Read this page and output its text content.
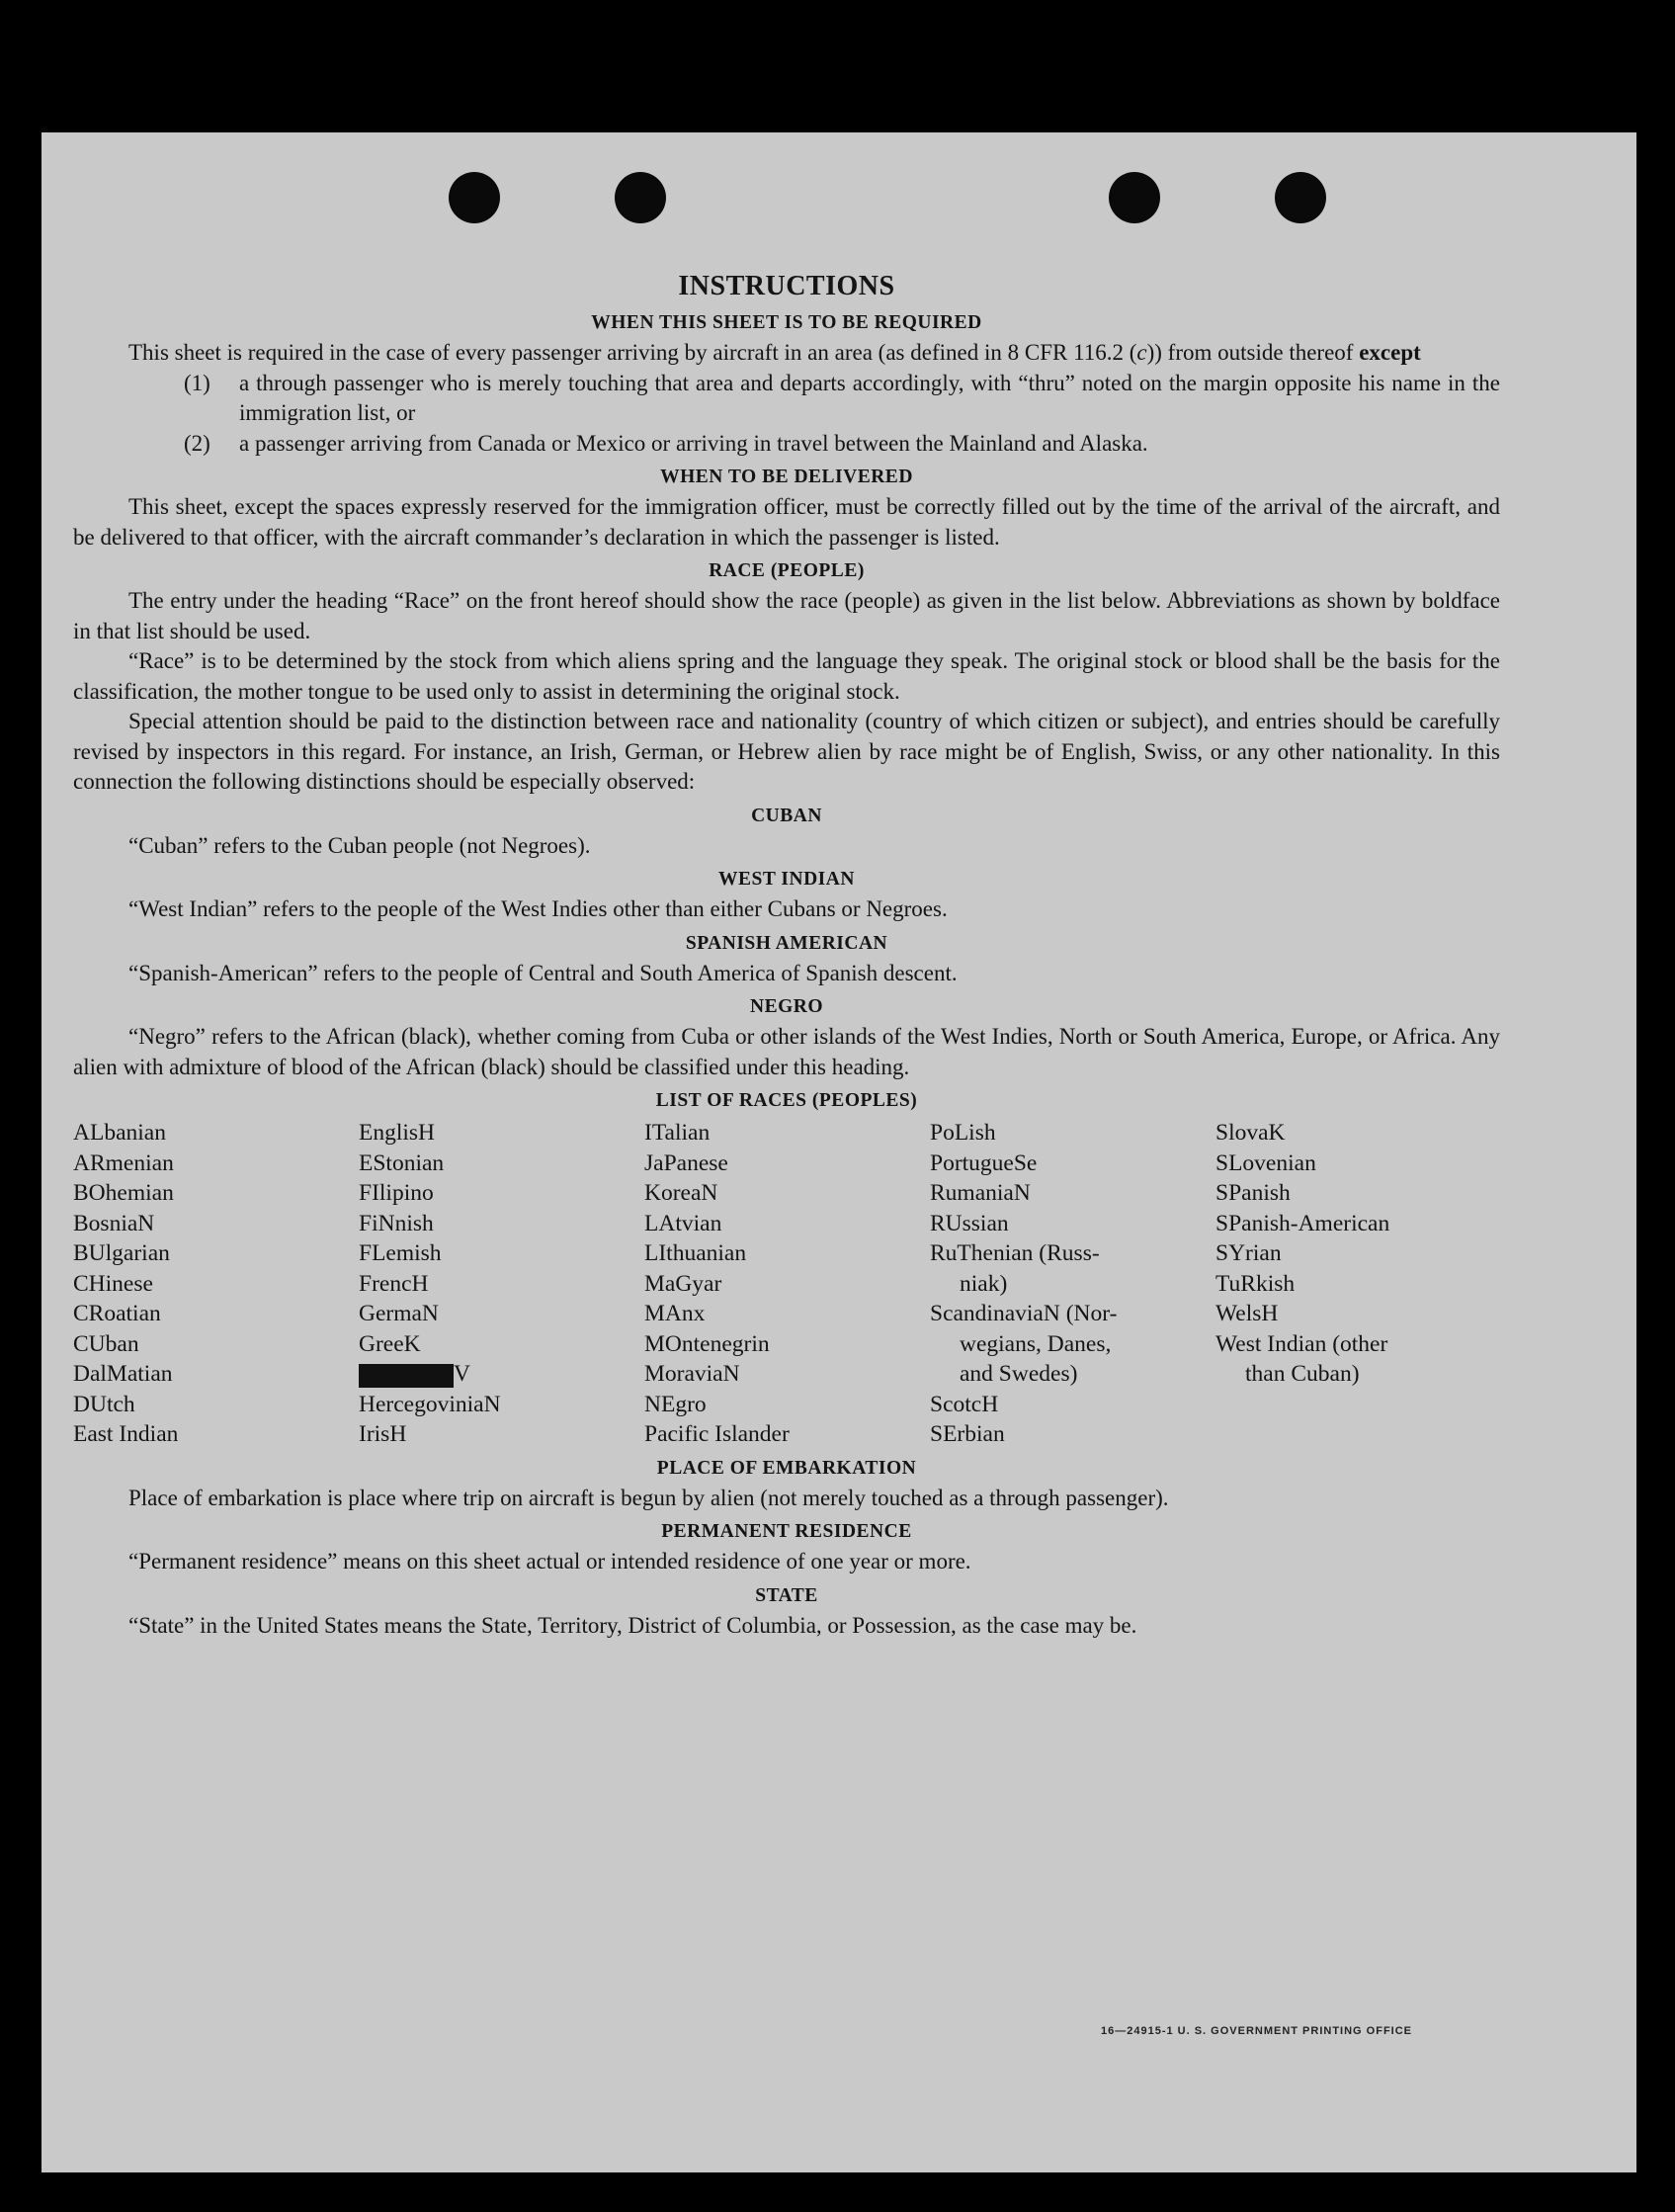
INSTRUCTIONS
WHEN THIS SHEET IS TO BE REQUIRED

This sheet is required in the case of every passenger arriving by aircraft in an area (as defined in 8 CFR 116.2 (c)) from outside thereof except

(1)	a through passenger who is merely touching that area and departs accordingly, with “thru” noted on the margin opposite his name in the immigration list, or
(2)	a passenger arriving from Canada or Mexico or arriving in travel between the Mainland and Alaska.
WHEN TO BE DELIVERED

This sheet, except the spaces expressly reserved for the immigration officer, must be correctly filled out by the time of the arrival of the aircraft, and be delivered to that officer, with the aircraft commander’s declaration in which the passenger is listed.

RACE (PEOPLE)

The entry under the heading “Race” on the front hereof should show the race (people) as given in the list below. Abbreviations as shown by boldface in that list should be used.

“Race” is to be determined by the stock from which aliens spring and the language they speak. The original stock or blood shall be the basis for the classification, the mother tongue to be used only to assist in determining the original stock.

Special attention should be paid to the distinction between race and nationality (country of which citizen or subject), and entries should be carefully revised by inspectors in this regard. For instance, an Irish, German, or Hebrew alien by race might be of English, Swiss, or any other nationality. In this connection the following distinctions should be especially observed:

CUBAN

“Cuban” refers to the Cuban people (not Negroes).

WEST INDIAN

“West Indian” refers to the people of the West Indies other than either Cubans or Negroes.

SPANISH AMERICAN

“Spanish-American” refers to the people of Central and South America of Spanish descent.

NEGRO

“Negro” refers to the African (black), whether coming from Cuba or other islands of the West Indies, North or South America, Europe, or Africa. Any alien with admixture of blood of the African (black) should be classified under this heading.

LIST OF RACES (PEOPLES)
ALbanian
ARmenian
BOhemian
BosniaN
BUlgarian
CHinese
CRoatian
CUban
DalMatian
DUtch
East Indian
EnglisH
EStonian
FIlipino
FiNnish
FLemish
FrencH
GermaN
GreeK
V
HercegoviniaN
IrisH
ITalian
JaPanese
KoreaN
LAtvian
LIthuanian
MaGyar
MAnx
MOntenegrin
MoraviaN
NEgro
Pacific Islander
PoLish
PortugueSe
RumaniaN
RUssian
RuThenian (Russ-
niak)
ScandinaviaN (Nor-
wegians, Danes,
and Swedes)
ScotcH
SErbian
SlovaK
SLovenian
SPanish
SPanish-American
SYrian
TuRkish
WelsH
West Indian (other
than Cuban)
PLACE OF EMBARKATION

Place of embarkation is place where trip on aircraft is begun by alien (not merely touched as a through passenger).

PERMANENT RESIDENCE

“Permanent residence” means on this sheet actual or intended residence of one year or more.

STATE

“State” in the United States means the State, Territory, District of Columbia, or Possession, as the case may be.

16—24915-1 U. S. GOVERNMENT PRINTING OFFICE
